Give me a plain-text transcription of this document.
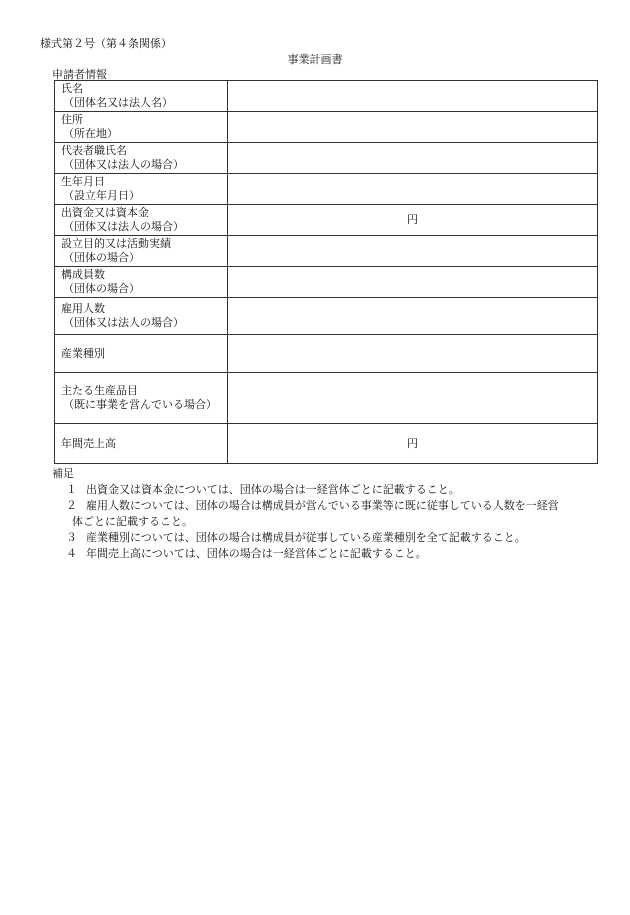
様式第２号（第４条関係）
事業計画書
申請者情報
氏名
（団体名又は法人名）	

住所
（所在地）	

代表者職氏名
（団体又は法人の場合）	

生年月日
（設立年月日）	

出資金又は資本金
（団体又は法人の場合）	円
設立目的又は活動実績
（団体の場合）	

構成員数
（団体の場合）	

雇用人数
（団体又は法人の場合）	

産業種別

主たる生産品目
（既に事業を営んでいる場合）	

年間売上高	円
補足
１ 出資金又は資本金については、団体の場合は一経営体ごとに記載すること。
２ 雇用人数については、団体の場合は構成員が営んでいる事業等に既に従事している人数を一経営
体ごとに記載すること。
３ 産業種別については、団体の場合は構成員が従事している産業種別を全て記載すること。
４ 年間売上高については、団体の場合は一経営体ごとに記載すること。
